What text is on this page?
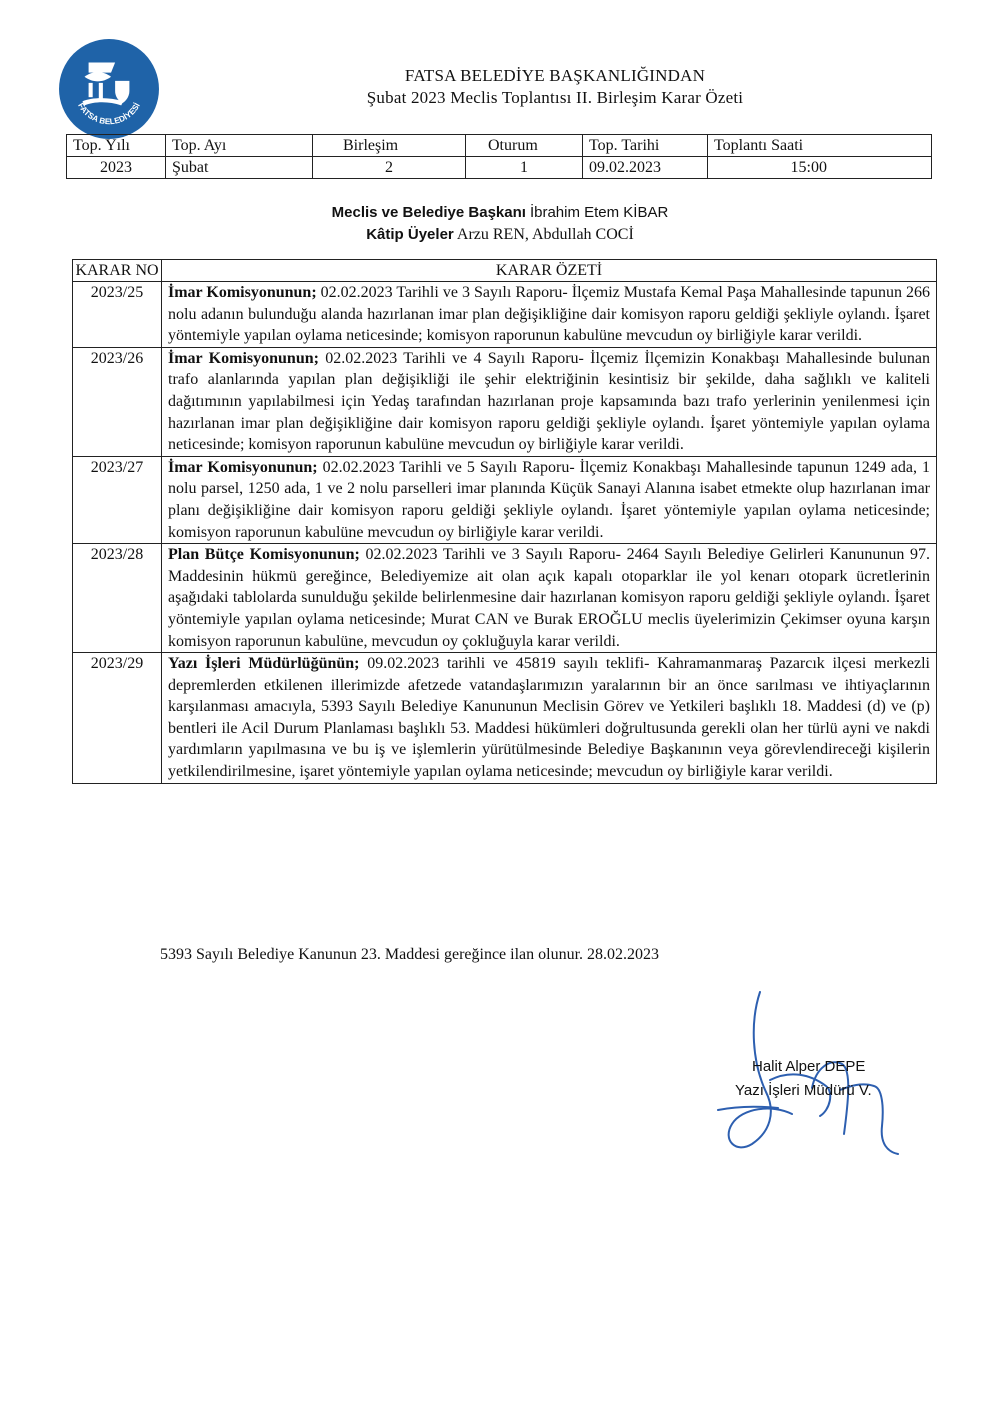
FATSA BELEDİYESİ
FATSA BELEDİYE BAŞKANLIĞINDAN
Şubat 2023 Meclis Toplantısı II. Birleşim Karar Özeti
Top. Yılı	Top. Ayı	Birleşim	Oturum	Top. Tarihi	Toplantı Saati
2023	Şubat	2	1	09.02.2023	15:00
Meclis ve Belediye Başkanı İbrahim Etem KİBAR
Kâtip Üyeler Arzu REN, Abdullah COCİ
KARAR NO	KARAR ÖZETİ
2023/25	İmar Komisyonunun; 02.02.2023 Tarihli ve 3 Sayılı Raporu- İlçemiz Mustafa Kemal Paşa Mahallesinde tapunun 266 nolu adanın bulunduğu alanda hazırlanan imar plan değişikliğine dair komisyon raporu geldiği şekliyle oylandı. İşaret yöntemiyle yapılan oylama neticesinde; komisyon raporunun kabulüne mevcudun oy birliğiyle karar verildi.
2023/26	İmar Komisyonunun; 02.02.2023 Tarihli ve 4 Sayılı Raporu- İlçemiz İlçemizin Konakbaşı Mahallesinde bulunan trafo alanlarında yapılan plan değişikliği ile şehir elektriğinin kesintisiz bir şekilde, daha sağlıklı ve kaliteli dağıtımının yapılabilmesi için Yedaş tarafından hazırlanan proje kapsamında bazı trafo yerlerinin yenilenmesi için hazırlanan imar plan değişikliğine dair komisyon raporu geldiği şekliyle oylandı. İşaret yöntemiyle yapılan oylama neticesinde; komisyon raporunun kabulüne mevcudun oy birliğiyle karar verildi.
2023/27	İmar Komisyonunun; 02.02.2023 Tarihli ve 5 Sayılı Raporu- İlçemiz Konakbaşı Mahallesinde tapunun 1249 ada, 1 nolu parsel, 1250 ada, 1 ve 2 nolu parselleri imar planında Küçük Sanayi Alanına isabet etmekte olup hazırlanan imar planı değişikliğine dair komisyon raporu geldiği şekliyle oylandı. İşaret yöntemiyle yapılan oylama neticesinde; komisyon raporunun kabulüne mevcudun oy birliğiyle karar verildi.
2023/28	Plan Bütçe Komisyonunun; 02.02.2023 Tarihli ve 3 Sayılı Raporu- 2464 Sayılı Belediye Gelirleri Kanununun 97. Maddesinin hükmü gereğince, Belediyemize ait olan açık kapalı otoparklar ile yol kenarı otopark ücretlerinin aşağıdaki tablolarda sunulduğu şekilde belirlenmesine dair hazırlanan komisyon raporu geldiği şekliyle oylandı. İşaret yöntemiyle yapılan oylama neticesinde; Murat CAN ve Burak EROĞLU meclis üyelerimizin Çekimser oyuna karşın komisyon raporunun kabulüne, mevcudun oy çokluğuyla karar verildi.
2023/29	Yazı İşleri Müdürlüğünün; 09.02.2023 tarihli ve 45819 sayılı teklifi- Kahramanmaraş Pazarcık ilçesi merkezli depremlerden etkilenen illerimizde afetzede vatandaşlarımızın yaralarının bir an önce sarılması ve ihtiyaçlarının karşılanması amacıyla, 5393 Sayılı Belediye Kanununun Meclisin Görev ve Yetkileri başlıklı 18. Maddesi (d) ve (p) bentleri ile Acil Durum Planlaması başlıklı 53. Maddesi hükümleri doğrultusunda gerekli olan her türlü ayni ve nakdi yardımların yapılmasına ve bu iş ve işlemlerin yürütülmesinde Belediye Başkanının veya görevlendireceği kişilerin yetkilendirilmesine, işaret yöntemiyle yapılan oylama neticesinde; mevcudun oy birliğiyle karar verildi.
5393 Sayılı Belediye Kanunun 23. Maddesi gereğince ilan olunur. 28.02.2023
Halit Alper DEPE
Yazı İşleri Müdürü V.
